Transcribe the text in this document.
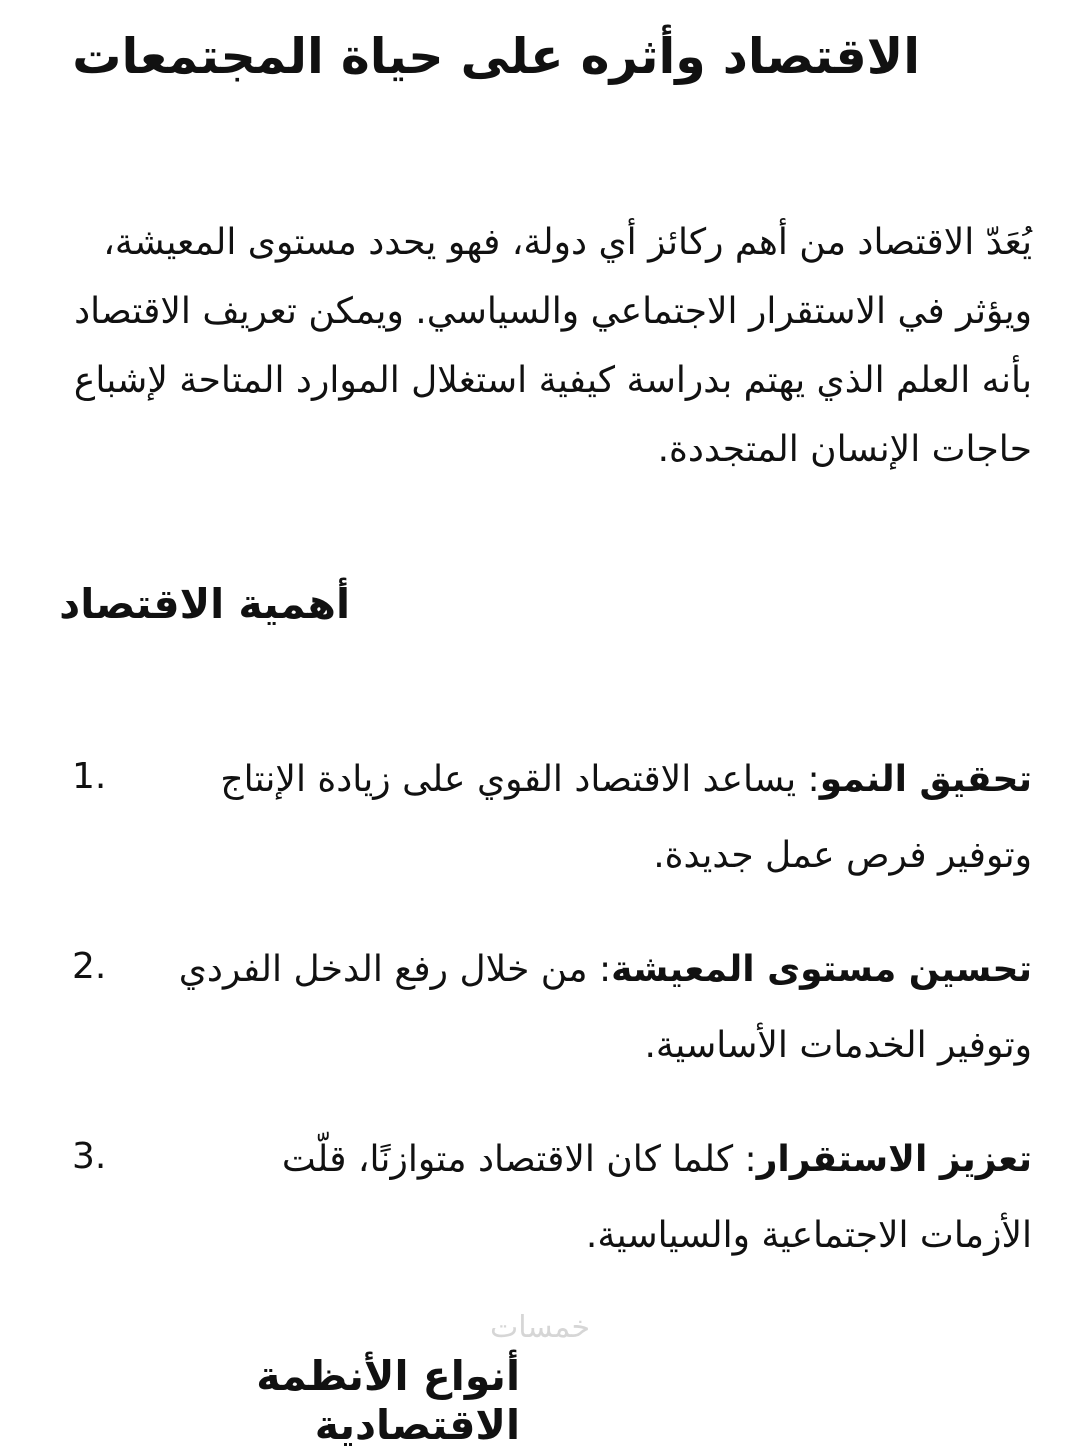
الاقتصاد وأثره على حياة المجتمعات

يُعَدّ الاقتصاد من أهم ركائز أي دولة، فهو يحدد مستوى المعيشة، ويؤثر في الاستقرار الاجتماعي والسياسي. ويمكن تعريف الاقتصاد بأنه العلم الذي يهتم بدراسة كيفية استغلال الموارد المتاحة لإشباع حاجات الإنسان المتجددة.

أهمية الاقتصاد
1.	تحقيق النمو: يساعد الاقتصاد القوي على زيادة الإنتاج وتوفير فرص عمل جديدة.
2.	تحسين مستوى المعيشة: من خلال رفع الدخل الفردي وتوفير الخدمات الأساسية.
3.	تعزيز الاستقرار: كلما كان الاقتصاد متوازنًا، قلّت الأزمات الاجتماعية والسياسية.
خمسات
أنواع الأنظمة الاقتصادية
